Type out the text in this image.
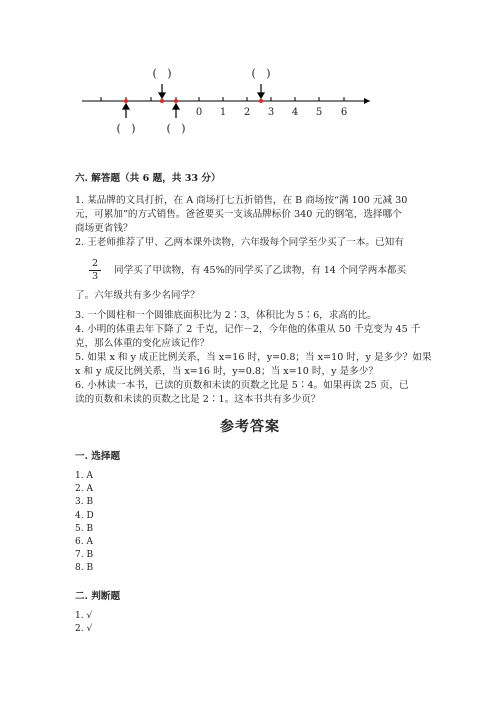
0 1 2 3 4 5 6
(   )	(   )
(   )	(   )
六. 解答题（共 6 题，共 33 分）
1. 某品牌的文具打折，在 A 商场打七五折销售，在 B 商场按“满 100 元减 30
元，可累加”的方式销售。爸爸要买一支该品牌标价 340 元的钢笔，选择哪个
商场更省钱？
2. 王老师推荐了甲、乙两本课外读物，六年级每个同学至少买了一本。已知有
2
3
同学买了甲读物，有 45%的同学买了乙读物，有 14 个同学两本都买
了。六年级共有多少名同学？
3. 一个圆柱和一个圆锥底面积比为 2∶3，体积比为 5∶6，求高的比。
4. 小明的体重去年下降了 2 千克，记作－2，今年他的体重从 50 千克变为 45 千
克，那么体重的变化应该记作？
5. 如果 x 和 y 成正比例关系，当 x=16 时，y=0.8；当 x=10 时，y 是多少？如果
x 和 y 成反比例关系，当 x=16 时，y=0.8；当 x=10 时，y 是多少？
6. 小林读一本书，已读的页数和未读的页数之比是 5∶4。如果再读 25 页，已
读的页数和未读的页数之比是 2∶1。这本书共有多少页？
参考答案
一. 选择题
1. A
2. A
3. B
4. D
5. B
6. A
7. B
8. B
二. 判断题
1. √
2. √
